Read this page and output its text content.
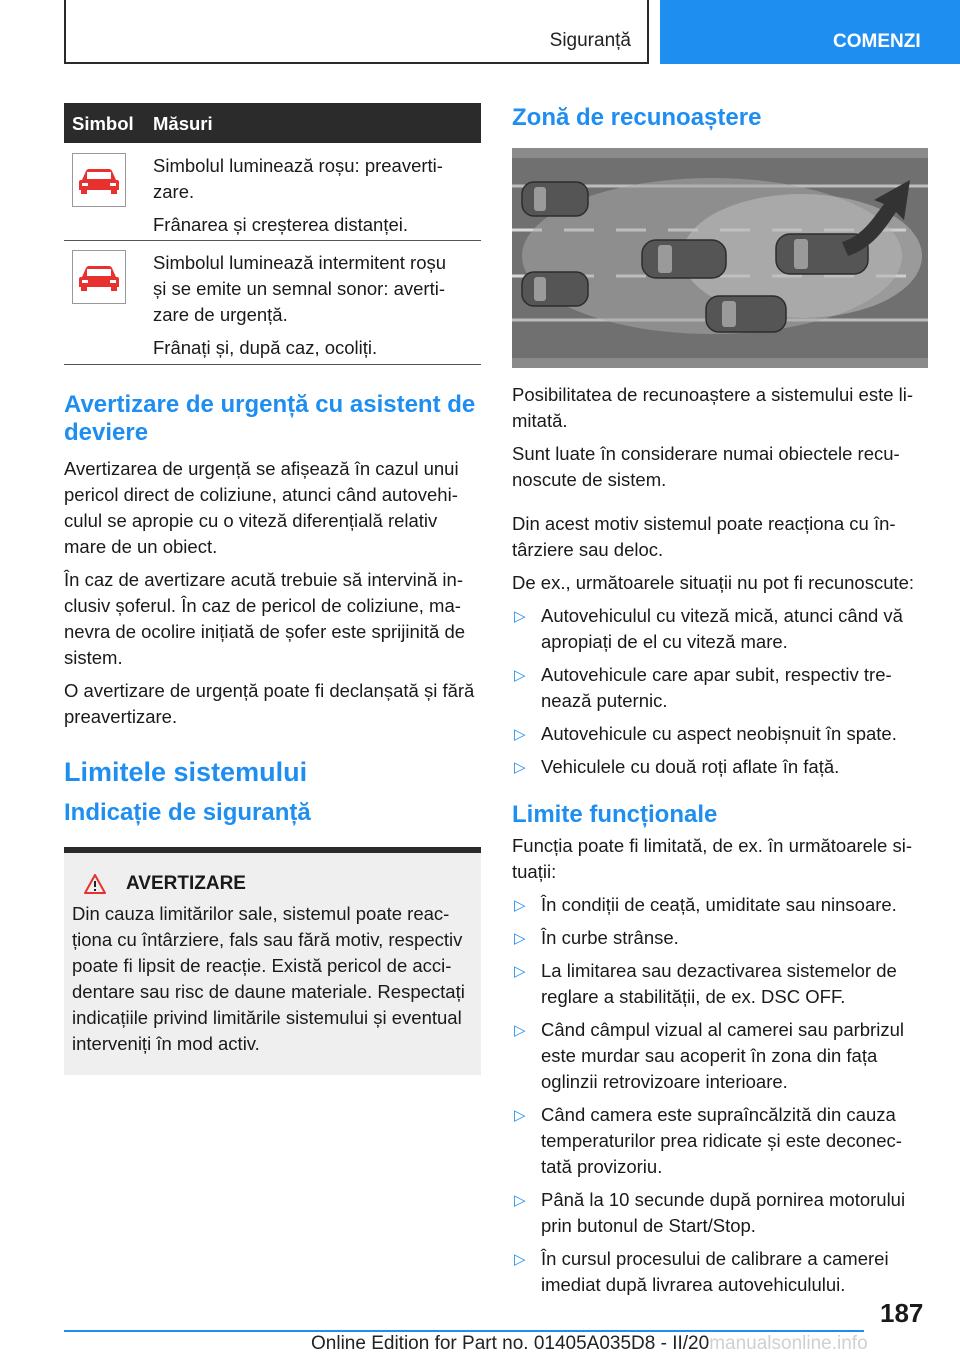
Siguranță	COMENZI
Simbol Măsuri

Simbolul luminează roșu: preaverti-

zare.

Frânarea și creșterea distanței.

Simbolul luminează intermitent roșu

și se emite un semnal sonor: averti-

zare de urgență.

Frânați și, după caz, ocoliți.

Avertizare de urgență cu asistent de
deviere

Avertizarea de urgență se afișează în cazul unui

pericol direct de coliziune, atunci când autovehi-

culul se apropie cu o viteză diferențială relativ

mare de un obiect.

În caz de avertizare acută trebuie să intervină in-

clusiv șoferul. În caz de pericol de coliziune, ma-

nevra de ocolire inițiată de șofer este sprijinită de

sistem.

O avertizare de urgență poate fi declanșată și fără

preavertizare.

Limitele sistemului
Indicație de siguranță
AVERTIZARE

Din cauza limitărilor sale, sistemul poate reac-

ționa cu întârziere, fals sau fără motiv, respectiv

poate fi lipsit de reacție. Există pericol de acci-

dentare sau risc de daune materiale. Respectați

indicațiile privind limitările sistemului și eventual

interveniți în mod activ.

Zonă de recunoaștere

Posibilitatea de recunoaștere a sistemului este li-

mitată.

Sunt luate în considerare numai obiectele recu-

noscute de sistem.

Din acest motiv sistemul poate reacționa cu în-

târziere sau deloc.

De ex., următoarele situații nu pot fi recunoscute:

▷ Autovehiculul cu viteză mică, atunci când vă
apropiați de el cu viteză mare.
▷ Autovehicule care apar subit, respectiv tre-
nează puternic.
▷ Autovehicule cu aspect neobișnuit în spate.
▷ Vehiculele cu două roți aflate în față.
Limite funcționale

Funcția poate fi limitată, de ex. în următoarele si-

tuații:

▷ În condiții de ceață, umiditate sau ninsoare.
▷ În curbe strânse.
▷ La limitarea sau dezactivarea sistemelor de
reglare a stabilității, de ex. DSC OFF.
▷ Când câmpul vizual al camerei sau parbrizul
este murdar sau acoperit în zona din fața
oglinzii retrovizoare interioare.
▷ Când camera este supraîncălzită din cauza
temperaturilor prea ridicate și este deconec-
tată provizoriu.
▷ Până la 10 secunde după pornirea motorului
prin butonul de Start/Stop.
▷ În cursul procesului de calibrare a camerei
imediat după livrarea autovehiculului.
187
Online Edition for Part no. 01405A035D8 - II/20manualsonline.info
